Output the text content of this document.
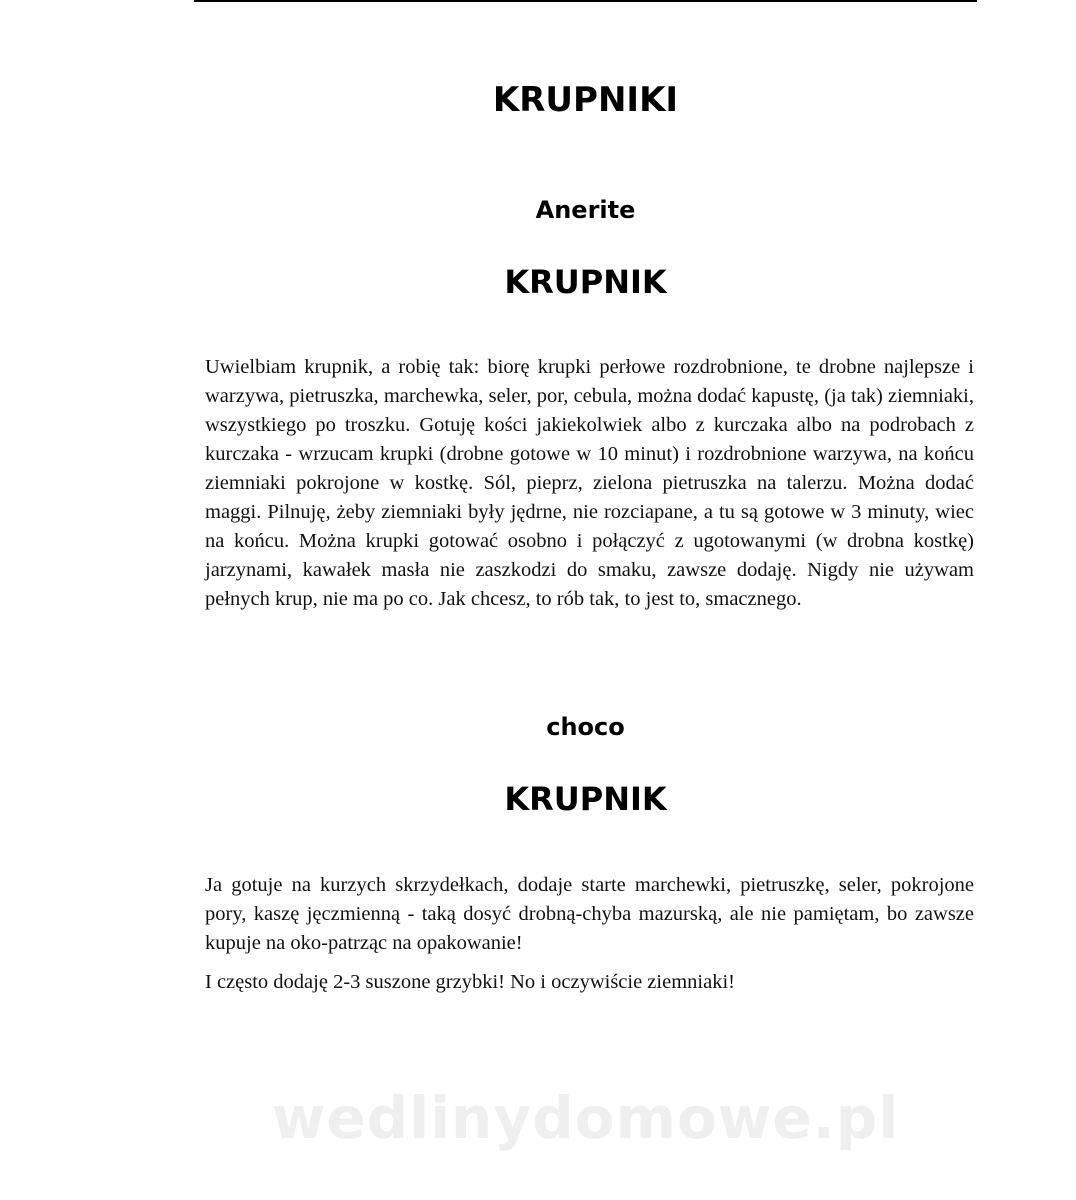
KRUPNIKI
Anerite
KRUPNIK

Uwielbiam krupnik, a robię tak: biorę krupki perłowe rozdrobnione, te drobne najlepsze i warzywa, pietruszka, marchewka, seler, por, cebula, można dodać kapustę, (ja tak) ziemniaki, wszystkiego po troszku. Gotuję kości jakiekolwiek albo z kurczaka albo na podrobach z kurczaka - wrzucam krupki (drobne gotowe w 10 minut) i rozdrobnione warzywa, na końcu ziemniaki pokrojone w kostkę. Sól, pieprz, zielona pietruszka na talerzu. Można dodać maggi. Pilnuję, żeby ziemniaki były jędrne, nie rozciapane, a tu są gotowe w 3 minuty, wiec na końcu. Można krupki gotować osobno i połączyć z ugotowanymi (w drobna kostkę) jarzynami, kawałek masła nie zaszkodzi do smaku, zawsze dodaję. Nigdy nie używam pełnych krup, nie ma po co. Jak chcesz, to rób tak, to jest to, smacznego.

choco
KRUPNIK

Ja gotuje na kurzych skrzydełkach, dodaje starte marchewki, pietruszkę, seler, pokrojone pory, kaszę jęczmienną - taką dosyć drobną-chyba mazurską, ale nie pamiętam, bo zawsze kupuje na oko-patrząc na opakowanie!

I często dodaję 2-3 suszone grzybki! No i oczywiście ziemniaki!

wedlinydomowe.pl
